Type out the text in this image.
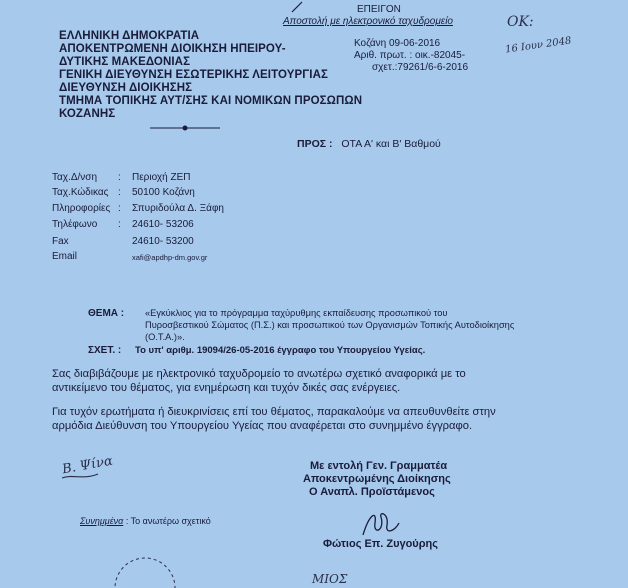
ΕΛΛΗΝΙΚΗ ΔΗΜΟΚΡΑΤΙΑ
ΑΠΟΚΕΝΤΡΩΜΕΝΗ ΔΙΟΙΚΗΣΗ ΗΠΕΙΡΟΥ-
ΔΥΤΙΚΗΣ ΜΑΚΕΔΟΝΙΑΣ
ΓΕΝΙΚΗ ΔΙΕΥΘΥΝΣΗ ΕΣΩΤΕΡΙΚΗΣ ΛΕΙΤΟΥΡΓΙΑΣ
ΔΙΕΥΘΥΝΣΗ ΔΙΟΙΚΗΣΗΣ
ΤΜΗΜΑ ΤΟΠΙΚΗΣ ΑΥΤ/ΣΗΣ ΚΑΙ ΝΟΜΙΚΩΝ ΠΡΟΣΩΠΩΝ
ΚΟΖΑΝΗΣ
ΕΠΕΙΓΟΝ
Αποστολή με ηλεκτρονικό ταχυδρομείο
Κοζάνη 09-06-2016
Αριθ. πρωτ. : οικ.-82045-
σχετ.:79261/6-6-2016
OK:
16 Ιουν 2048
ΠΡΟΣ : ΟΤΑ Α' και Β' Βαθμού
Ταχ.Δ/νση : Περιοχή ΖΕΠ
Ταχ.Κώδικας : 50100 Κοζάνη
Πληροφορίες : Σπυριδούλα Δ. Ξάφη
Τηλέφωνο : 24610- 53206
Fax	24610- 53200
Email	xafi@apdhp-dm.gov.gr
ΘΕΜΑ : «Εγκύκλιος για το πρόγραμμα ταχύρυθμης εκπαίδευσης προσωπικού του
Πυροσβεστικού Σώματος (Π.Σ.) και προσωπικού των Οργανισμών Τοπικής Αυτοδιοίκησης
(Ο.Τ.Α.)».
ΣΧΕΤ. : Το υπ' αριθμ. 19094/26-05-2016 έγγραφο του Υπουργείου Υγείας.
Σας διαβιβάζουμε με ηλεκτρονικό ταχυδρομείο το ανωτέρω σχετικό αναφορικά με το
αντικείμενο του θέματος, για ενημέρωση και τυχόν δικές σας ενέργειες.
Για τυχόν ερωτήματα ή διευκρινίσεις επί του θέματος, παρακαλούμε να απευθυνθείτε στην
αρμόδια Διεύθυνση του Υπουργείου Υγείας που αναφέρεται στο συνημμένο έγγραφο.
Με εντολή Γεν. Γραμματέα
Αποκεντρωμένης Διοίκησης
Ο Αναπλ. Προϊστάμενος
Φώτιος Επ. Ζυγούρης
Β. Ψίνα
Συνημμένα : Το ανωτέρω σχετικό
ΜΙΟΣ
